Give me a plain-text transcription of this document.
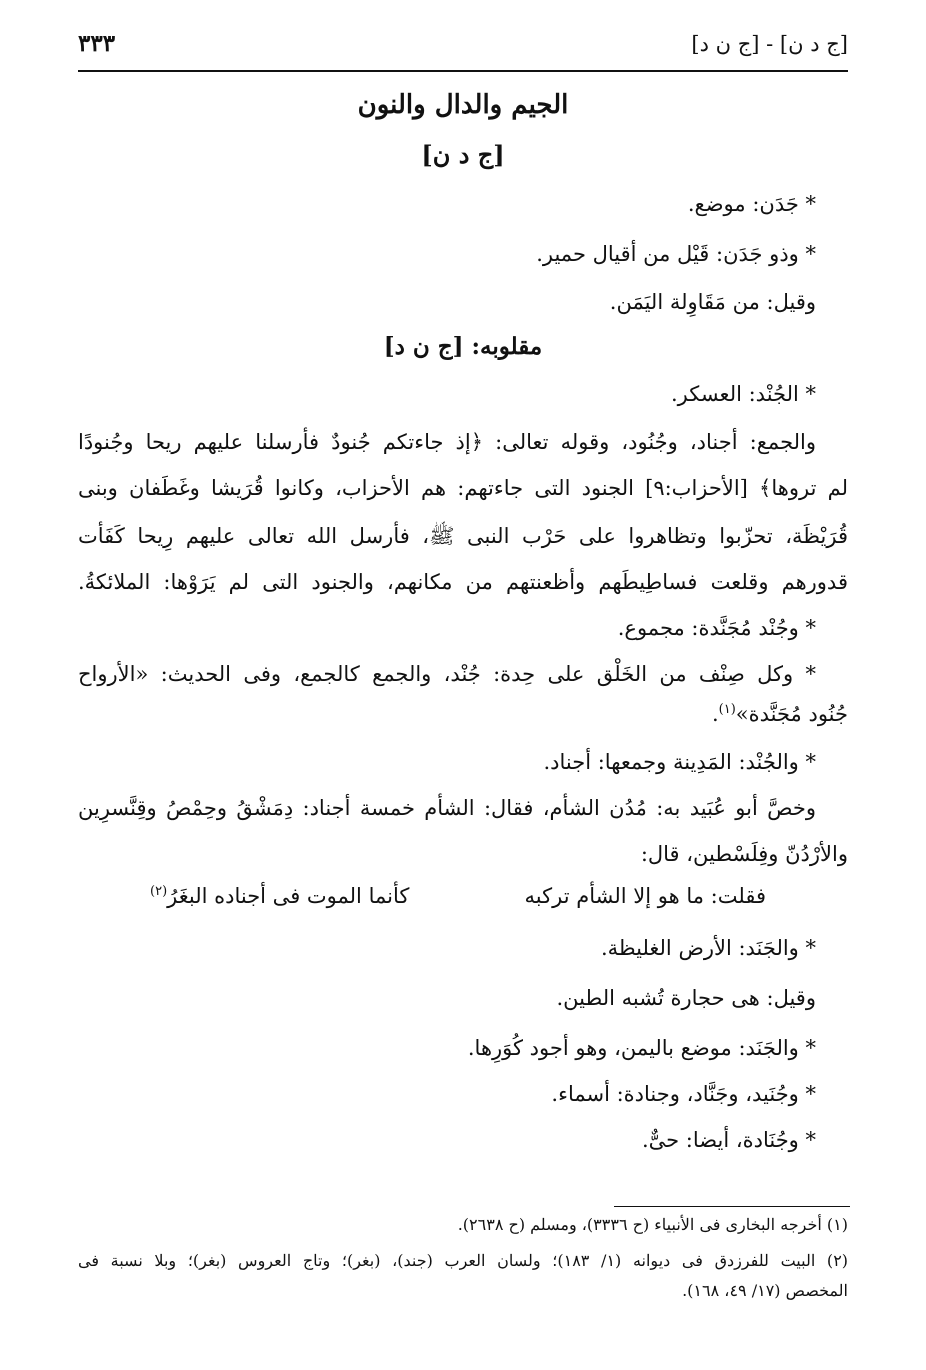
[ج د ن] - [ج ن د]
٣٣٣
الجيم والدال والنون
[ج د ن]
* جَدَن: موضع.
* وذو جَدَن: قَيْل من أقيال حمير.
وقيل: من مَقَاوِلة اليَمَن.
مقلوبه: [ج ن د]
* الجُنْد: العسكر.
والجمع: أجناد، وجُنُود، وقوله تعالى: ﴿إذ جاءتكم جُنودٌ فأرسلنا عليهم ريحا وجُنودًا
لم تروها﴾ [الأحزاب:٩] الجنود التى جاءتهم: هم الأحزاب، وكانوا قُرَيشا وغَطَفان وبنى
قُرَيْظَة، تحزّبوا وتظاهروا على حَرْب النبى ﷺ، فأرسل الله تعالى عليهم رِيحا كَفَأت
قدورهم وقلعت فساطِيطَهم وأظعنتهم من مكانهم، والجنود التى لم يَرَوْها: الملائكةُ.
* وجُنْد مُجَنَّدة: مجموع.
* وكل صِنْف من الخَلْق على حِدة: جُنْد، والجمع كالجمع، وفى الحديث: «الأرواح
جُنُود مُجَنَّدة»$^{(١)}$.
* والجُنْد: المَدِينة وجمعها: أجناد.
وخصَّ أبو عُبَيد به: مُدُن الشأم، فقال: الشأم خمسة أجناد: دِمَشْقُ وحِمْصُ وقِنَّسرِين
والأرْدُنّ وفِلَسْطين، قال:
فقلت: ما هو إلا الشأم تركبه
كأنما الموت فى أجناده البغَرُ$^{(٢)}$
* والجَنَد: الأرض الغليظة.
وقيل: هى حجارة تُشبه الطين.
* والجَنَد: موضع باليمن، وهو أجود كُوَرِها.
* وجُنَيد، وجَنَّاد، وجنادة: أسماء.
* وجُنَادة، أيضا: حىٌّ.
(١) أخرجه البخارى فى الأنبياء (ح ٣٣٣٦)، ومسلم (ح ٢٦٣٨).
(٢) البيت للفرزدق فى ديوانه (١/ ١٨٣)؛ ولسان العرب (جند)، (بغر)؛ وتاج العروس (بغر)؛ وبلا نسبة فى
المخصص (١٧/ ٤٩، ١٦٨).
